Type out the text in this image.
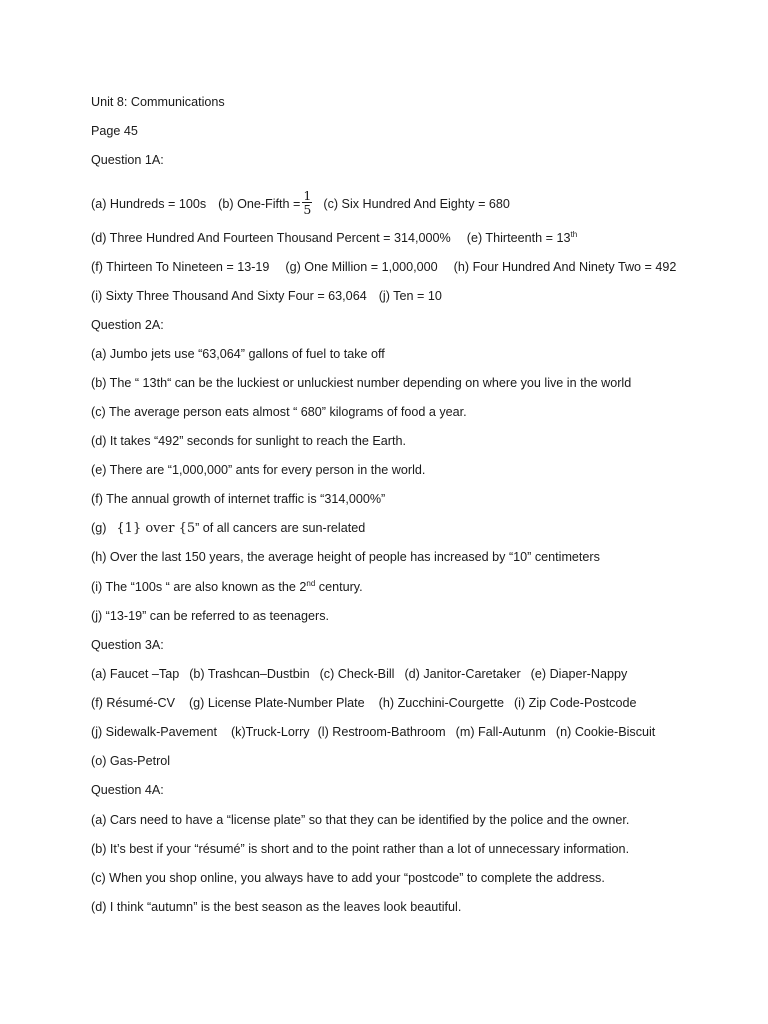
Unit 8: Communications
Page 45
Question 1A:
(a) Hundreds = 100s (b) One-Fifth = $\frac{1}{5} (c)$ Six Hundred And Eighty = 680
(d) Three Hundred And Fourteen Thousand Percent = 314,000% (e) Thirteenth = 13th
(f) Thirteen To Nineteen = 13-19 (g) One Million = 1,000,000 (h) Four Hundred And Ninety Two = 492
(i) Sixty Three Thousand And Sixty Four = 63,064 (j) Ten = 10
Question 2A:
(a) Jumbo jets use “63,064” gallons of fuel to take off
(b) The “ 13th“ can be the luckiest or unluckiest number depending on where you live in the world
(c) The average person eats almost “ 680” kilograms of food a year.
(d) It takes “492” seconds for sunlight to reach the Earth.
(e) There are “1,000,000” ants for every person in the world.
(f) The annual growth of internet traffic is “314,000%”
(g) {1} over {5” of all cancers are sun-related
(h) Over the last 150 years, the average height of people has increased by “10” centimeters
(i) The “100s “ are also known as the 2nd century.
(j) “13-19” can be referred to as teenagers.
Question 3A:
(a) Faucet –Tap (b) Trashcan–Dustbin (c) Check-Bill (d) Janitor-Caretaker (e) Diaper-Nappy
(f) Résumé-CV (g) License Plate-Number Plate (h) Zucchini-Courgette (i) Zip Code-Postcode
(j) Sidewalk-Pavement (k)Truck-Lorry (l) Restroom-Bathroom (m) Fall-Autunm (n) Cookie-Biscuit
(o) Gas-Petrol
Question 4A:
(a) Cars need to have a “license plate” so that they can be identified by the police and the owner.
(b) It’s best if your “résumé” is short and to the point rather than a lot of unnecessary information.
(c) When you shop online, you always have to add your “postcode” to complete the address.
(d) I think “autumn” is the best season as the leaves look beautiful.
